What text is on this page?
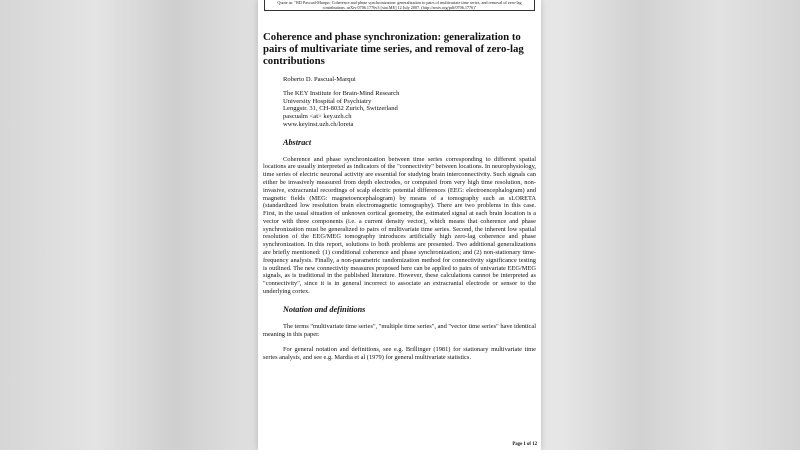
Quote as: "RD Pascual-Marqui: Coherence and phase synchronization: generalization to pairs of multivariate time series, and removal of zero-lag contributions. arXiv:0706.1776v3 [stat.ME] 12 July 2007. (http://arxiv.org/pdf/0706.1776)"
Coherence and phase synchronization: generalization to pairs of multivariate time series, and removal of zero-lag contributions
Roberto D. Pascual-Marqui
The KEY Institute for Brain-Mind Research
University Hospital of Psychiatry
Lenggstr. 31, CH-8032 Zurich, Switzerland
pascualm <at> key.uzh.ch
www.keyinst.uzh.ch/loreta
Abstract

Coherence and phase synchronization between time series corresponding to different spatial locations are usually interpreted as indicators of the "connectivity" between locations. In neurophysiology, time series of electric neuronal activity are essential for studying brain interconnectivity. Such signals can either be invasively measured from depth electrodes, or computed from very high time resolution, non-invasive, extracranial recordings of scalp electric potential differences (EEG: electroencephalogram) and magnetic fields (MEG: magnetoencephalogram) by means of a tomography such as sLORETA (standardized low resolution brain electromagnetic tomography). There are two problems in this case. First, in the usual situation of unknown cortical geometry, the estimated signal at each brain location is a vector with three components (i.e. a current density vector), which means that coherence and phase synchronization must be generalized to pairs of multivariate time series. Second, the inherent low spatial resolution of the EEG/MEG tomography introduces artificially high zero-lag coherence and phase synchronization. In this report, solutions to both problems are presented. Two additional generalizations are briefly mentioned: (1) conditional coherence and phase synchronization; and (2) non-stationary time-frequency analysis. Finally, a non-parametric randomization method for connectivity significance testing is outlined. The new connectivity measures proposed here can be applied to pairs of univariate EEG/MEG signals, as is traditional in the published literature. However, these calculations cannot be interpreted as "connectivity", since it is in general incorrect to associate an extracranial electrode or sensor to the underlying cortex.

Notation and definitions

The terms "multivariate time series", "multiple time series", and "vector time series" have identical meaning in this paper.

For general notation and definitions, see e.g. Brillinger (1981) for stationary multivariate time series analysis, and see e.g. Mardia et al (1979) for general multivariate statistics.

Page 1 of 12
